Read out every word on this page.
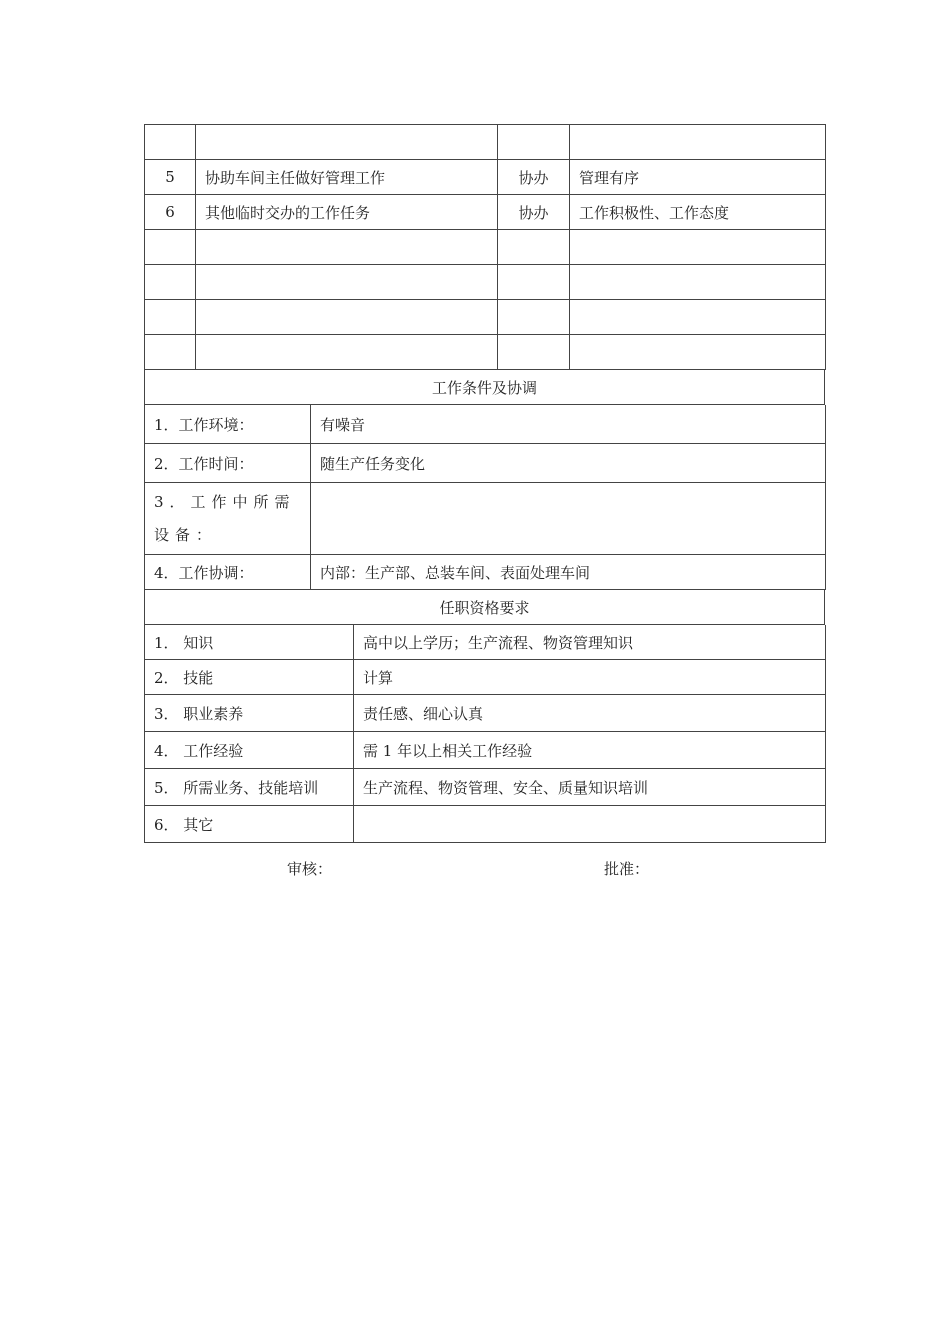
5	协助车间主任做好管理工作	协办	管理有序
6	其他临时交办的工作任务	协办	工作积极性、工作态度

工作条件及协调
1．工作环境：	有噪音
2．工作时间：	随生产任务变化
3．工作中所需设备：	
4．工作协调：	内部：生产部、总装车间、表面处理车间
任职资格要求
1． 知识	高中以上学历；生产流程、物资管理知识
2． 技能	计算
3． 职业素养	责任感、细心认真
4． 工作经验	需 1 年以上相关工作经验
5． 所需业务、技能培训	生产流程、物资管理、安全、质量知识培训
6． 其它	
审核：	批准：
